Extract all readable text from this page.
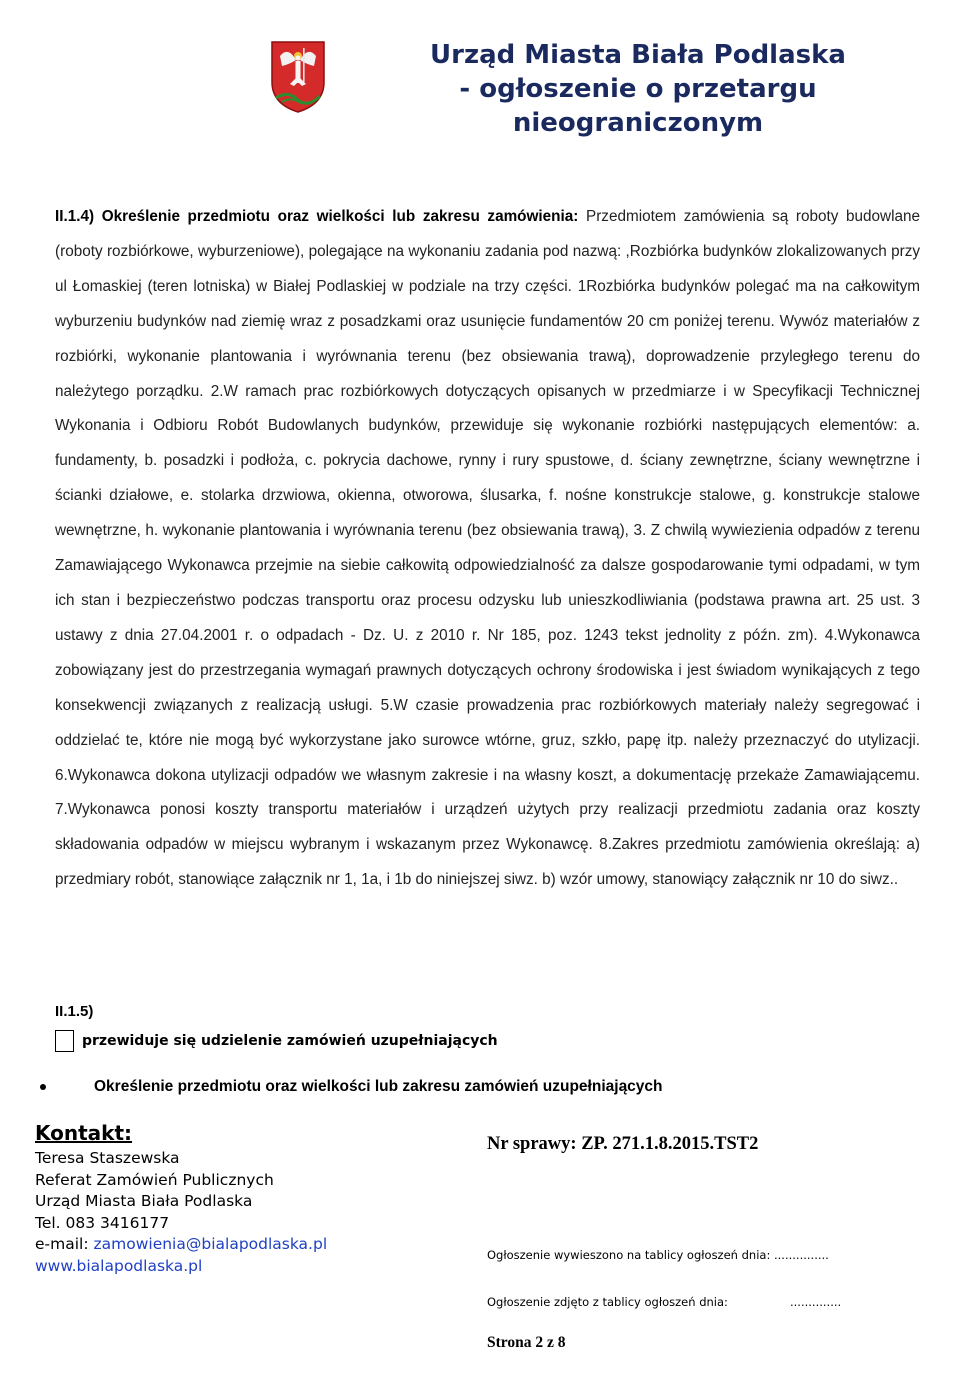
Urząd Miasta Biała Podlaska
- ogłoszenie o przetargu
nieograniczonym

II.1.4) Określenie przedmiotu oraz wielkości lub zakresu zamówienia: Przedmiotem zamówienia są roboty budowlane (roboty rozbiórkowe, wyburzeniowe), polegające na wykonaniu zadania pod nazwą: ,Rozbiórka budynków zlokalizowanych przy ul Łomaskiej (teren lotniska) w Białej Podlaskiej w podziale na trzy części. 1Rozbiórka budynków polegać ma na całkowitym wyburzeniu budynków nad ziemię wraz z posadzkami oraz usunięcie fundamentów 20 cm poniżej terenu. Wywóz materiałów z rozbiórki, wykonanie plantowania i wyrównania terenu (bez obsiewania trawą), doprowadzenie przyległego terenu do należytego porządku. 2.W ramach prac rozbiórkowych dotyczących opisanych w przedmiarze i w Specyfikacji Technicznej Wykonania i Odbioru Robót Budowlanych budynków, przewiduje się wykonanie rozbiórki następujących elementów: a. fundamenty, b. posadzki i podłoża, c. pokrycia dachowe, rynny i rury spustowe, d. ściany zewnętrzne, ściany wewnętrzne i ścianki działowe, e. stolarka drzwiowa, okienna, otworowa, ślusarka, f. nośne konstrukcje stalowe, g. konstrukcje stalowe wewnętrzne, h. wykonanie plantowania i wyrównania terenu (bez obsiewania trawą), 3. Z chwilą wywiezienia odpadów z terenu Zamawiającego Wykonawca przejmie na siebie całkowitą odpowiedzialność za dalsze gospodarowanie tymi odpadami, w tym ich stan i bezpieczeństwo podczas transportu oraz procesu odzysku lub unieszkodliwiania (podstawa prawna art. 25 ust. 3 ustawy z dnia 27.04.2001 r. o odpadach - Dz. U. z 2010 r. Nr 185, poz. 1243 tekst jednolity z późn. zm). 4.Wykonawca zobowiązany jest do przestrzegania wymagań prawnych dotyczących ochrony środowiska i jest świadom wynikających z tego konsekwencji związanych z realizacją usługi. 5.W czasie prowadzenia prac rozbiórkowych materiały należy segregować i oddzielać te, które nie mogą być wykorzystane jako surowce wtórne, gruz, szkło, papę itp. należy przeznaczyć do utylizacji. 6.Wykonawca dokona utylizacji odpadów we własnym zakresie i na własny koszt, a dokumentację przekaże Zamawiającemu. 7.Wykonawca ponosi koszty transportu materiałów i urządzeń użytych przy realizacji przedmiotu zadania oraz koszty składowania odpadów w miejscu wybranym i wskazanym przez Wykonawcę. 8.Zakres przedmiotu zamówienia określają: a) przedmiary robót, stanowiące załącznik nr 1, 1a, i 1b do niniejszej siwz. b) wzór umowy, stanowiący załącznik nr 10 do siwz..

II.1.5)
przewiduje się udzielenie zamówień uzupełniających
Określenie przedmiotu oraz wielkości lub zakresu zamówień uzupełniających
Kontakt:
Teresa Staszewska
Referat Zamówień Publicznych
Urząd Miasta Biała Podlaska
Tel. 083 3416177
e-mail: zamowienia@bialapodlaska.pl
www.bialapodlaska.pl
Nr sprawy: ZP. 271.1.8.2015.TST2
Ogłoszenie wywieszono na tablicy ogłoszeń dnia: ...............
Ogłoszenie zdjęto z tablicy ogłoszeń dnia:	..............
Strona 2 z 8
